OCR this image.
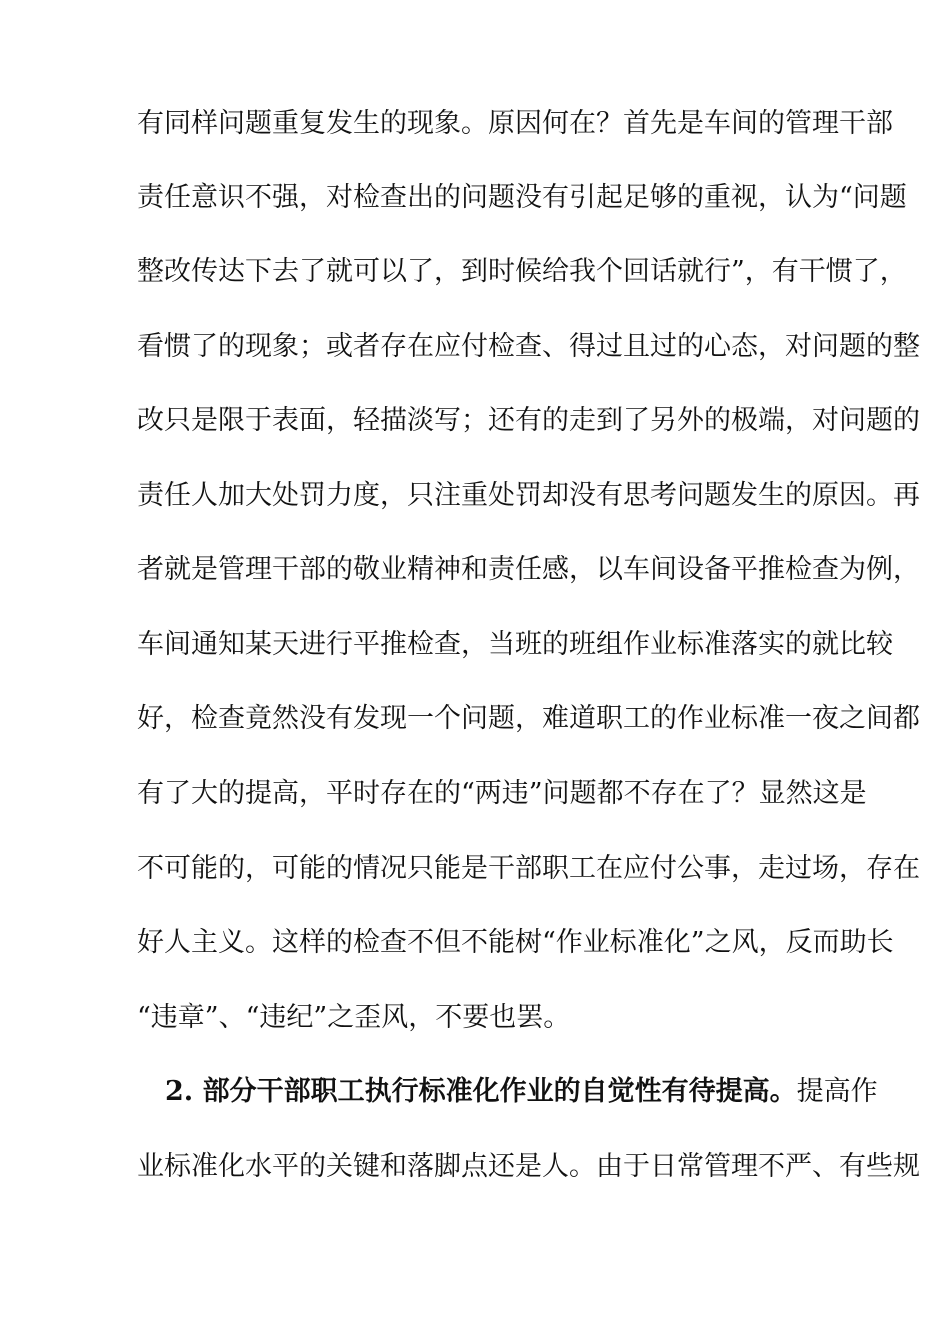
有同样问题重复发生的现象。原因何在？首先是车间的管理干部
责任意识不强，对检查出的问题没有引起足够的重视，认为“问题
整改传达下去了就可以了，到时候给我个回话就行”，有干惯了，
看惯了的现象；或者存在应付检查、得过且过的心态，对问题的整
改只是限于表面，轻描淡写；还有的走到了另外的极端，对问题的
责任人加大处罚力度，只注重处罚却没有思考问题发生的原因。再
者就是管理干部的敬业精神和责任感，以车间设备平推检查为例，
车间通知某天进行平推检查，当班的班组作业标准落实的就比较
好，检查竟然没有发现一个问题，难道职工的作业标准一夜之间都
有了大的提高，平时存在的“两违”问题都不存在了？显然这是
不可能的，可能的情况只能是干部职工在应付公事，走过场，存在
好人主义。这样的检查不但不能树“作业标准化”之风，反而助长
“违章”、“违纪”之歪风，不要也罢。
2. 部分干部职工执行标准化作业的自觉性有待提高。提高作
业标准化水平的关键和落脚点还是人。由于日常管理不严、有些规
